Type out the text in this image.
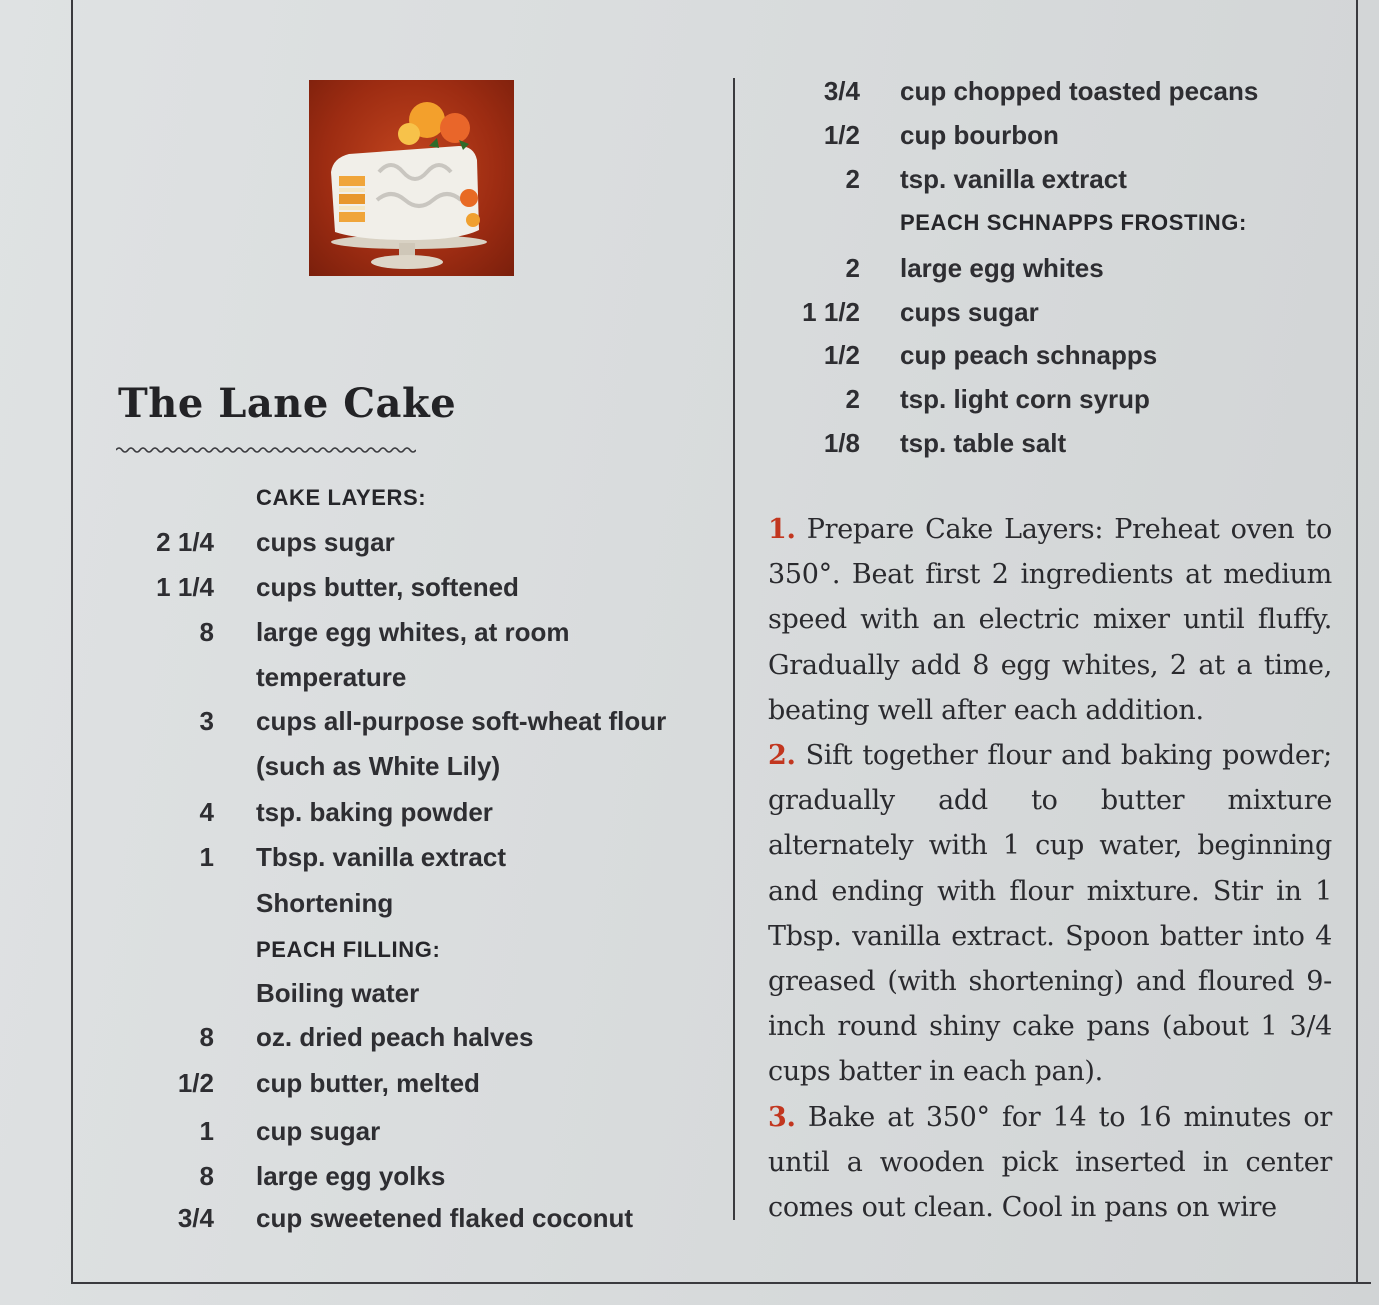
The Lane Cake
CAKE LAYERS:
2 1/4 cups sugar
1 1/4 cups butter, softened
8 large egg whites, at room
temperature
3 cups all-purpose soft-wheat flour
(such as White Lily)
4 tsp. baking powder
1 Tbsp. vanilla extract
Shortening
PEACH FILLING:
Boiling water
8 oz. dried peach halves
1/2 cup butter, melted
1 cup sugar
8 large egg yolks
3/4 cup sweetened flaked coconut
3/4 cup chopped toasted pecans
1/2 cup bourbon
2 tsp. vanilla extract
PEACH SCHNAPPS FROSTING:
2 large egg whites
1 1/2 cups sugar
1/2 cup peach schnapps
2 tsp. light corn syrup
1/8 tsp. table salt

1. Prepare Cake Layers: Preheat oven to 350°. Beat first 2 ingredients at medium speed with an electric mixer until fluffy. Gradually add 8 egg whites, 2 at a time, beating well after each addition.

2. Sift together flour and baking powder; gradually add to butter mixture alternately with 1 cup water, beginning and ending with flour mixture. Stir in 1 Tbsp. vanilla extract. Spoon batter into 4 greased (with shortening) and floured 9-inch round shiny cake pans (about 1 3/4 cups batter in each pan).

3. Bake at 350° for 14 to 16 minutes or until a wooden pick inserted in center comes out clean. Cool in pans on wire
